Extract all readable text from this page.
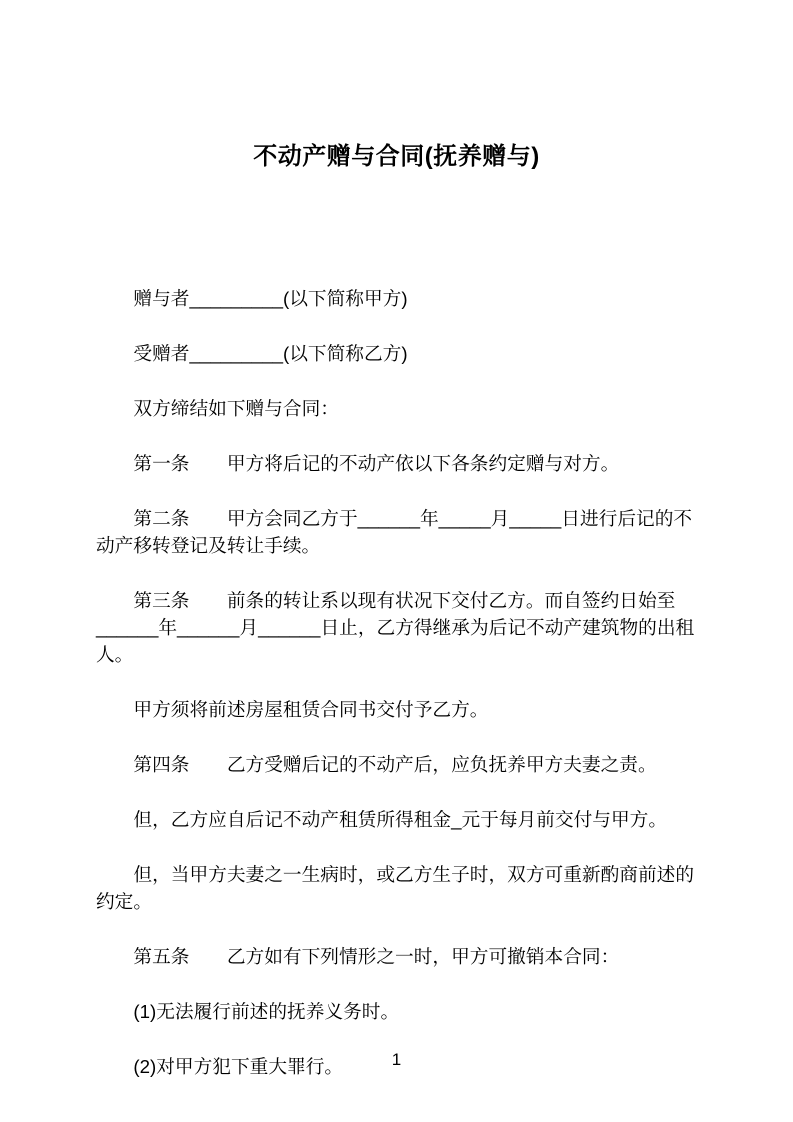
不动产赠与合同(抚养赠与)

赠与者_________(以下简称甲方)

受赠者_________(以下简称乙方)

双方缔结如下赠与合同：

第一条　　甲方将后记的不动产依以下各条约定赠与对方。

第二条　　甲方会同乙方于______年_____月_____日进行后记的不动产移转登记及转让手续。

第三条　　前条的转让系以现有状况下交付乙方。而自签约日始至______年______月______日止，乙方得继承为后记不动产建筑物的出租人。

甲方须将前述房屋租赁合同书交付予乙方。

第四条　　乙方受赠后记的不动产后，应负抚养甲方夫妻之责。

但，乙方应自后记不动产租赁所得租金_元于每月前交付与甲方。

但，当甲方夫妻之一生病时，或乙方生子时，双方可重新酌商前述的约定。

第五条　　乙方如有下列情形之一时，甲方可撤销本合同：

(1)无法履行前述的抚养义务时。

(2)对甲方犯下重大罪行。	1
